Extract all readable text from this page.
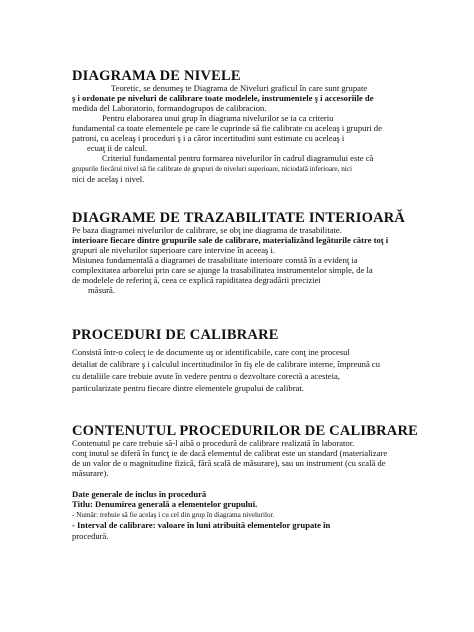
DIAGRAMA DE NIVELE
Teoretic, se denumeş te Diagrama de Niveluri graficul în care sunt grupate
ş i ordonate pe niveluri de calibrare toate modelele, instrumentele ş i accesoriile de
medida del Laboratorio, formandogrupos de calibracion.
Pentru elaborarea unui grup în diagrama nivelurilor se ia ca criteriu
fundamental ca toate elementele pe care le cuprinde să fie calibrate cu aceleaş i grupuri de
patroni, cu aceleaş i proceduri ş i a căror incertitudini sunt estimate cu aceleaş i
ecuaţ ii de calcul.
Criteriul fundamental pentru formarea nivelurilor în cadrul diagramului este că
grupurile fiecărui nivel să fie calibrate de grupuri de niveluri superioare, niciodată inferioare, nici
nici de acelaş i nivel.
DIAGRAME DE TRAZABILITATE INTERIOARĂ
Pe baza diagramei nivelurilor de calibrare, se obţ ine diagrama de trasabilitate.
interioare fiecare dintre grupurile sale de calibrare, materializând legăturile către toţ i
grupuri ale nivelurilor superioare care intervine în aceeaş i.
Misiunea fundamentală a diagramei de trasabilitate interioare constă în a evidenţ ia
complexitatea arborelui prin care se ajunge la trasabilitatea instrumentelor simple, de la
de modelele de referinţ ă, ceea ce explică rapiditatea degradării preciziei
măsură.
PROCEDURI DE CALIBRARE
Consistă într-o colecţ ie de documente uş or identificabile, care conţ ine procesul
detaliat de calibrare ş i calculul incertitudinilor în fiş ele de calibrare interne, împreună cu
cu detaliile care trebuie avute în vedere pentru o dezvoltare corectă a acesteia,
particularizate pentru fiecare dintre elementele grupului de calibrat.
CONTENUTUL PROCEDURILOR DE CALIBRARE
Contenutul pe care trebuie să-l aibă o procedură de calibrare realizată în laborator.
conţ inutul se diferă în funcţ ie de dacă elementul de calibrat este un standard (materializare
de un valor de o magnitudine fizică, fără scală de măsurare), sau un instrument (cu scală de
măsurare).
Date generale de inclus în procedură
Titlu: Denumirea generală a elementelor grupului.
- Număr: trebuie să fie acelaş i cu cel din grup în diagrama nivelurilor.
- Interval de calibrare: valoare în luni atribuită elementelor grupate în
procedură.
